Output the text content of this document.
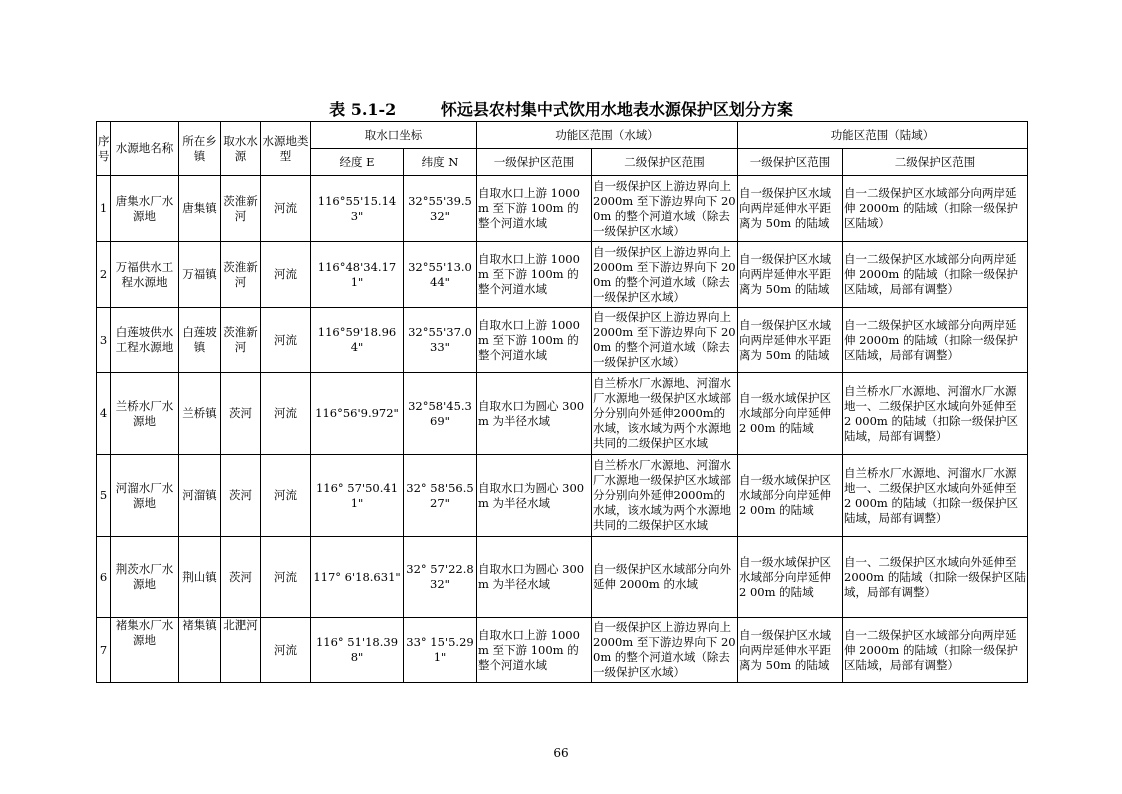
表 5.1-2        怀远县农村集中式饮用水地表水源保护区划分方案
序号	水源地名称	所在乡镇	取水水源	水源地类型	取水口坐标		功能区范围（水域）		功能区范围（陆域）	
					经度 E	纬度 N	一级保护区范围	二级保护区范围	一级保护区范围	二级保护区范围
1	唐集水厂水源地	唐集镇	茨淮新河	河流	116°55'15.143"	32°55'39.532"	自取水口上游 1000m 至下游 100m 的整个河道水域	自一级保护区上游边界向上 2000m 至下游边界向下 200m 的整个河道水域（除去一级保护区水域）	自一级保护区水域向两岸延伸水平距离为 50m 的陆域	自一二级保护区水域部分向两岸延伸 2000m 的陆域（扣除一级保护区陆域）
2	万福供水工程水源地	万福镇	茨淮新河	河流	116°48'34.171"	32°55'13.044"	自取水口上游 1000m 至下游 100m 的整个河道水域	自一级保护区上游边界向上 2000m 至下游边界向下 200m 的整个河道水域（除去一级保护区水域）	自一级保护区水域向两岸延伸水平距离为 50m 的陆域	自一二级保护区水域部分向两岸延伸 2000m 的陆域（扣除一级保护区陆域，局部有调整）
3	白莲坡供水工程水源地	白莲坡镇	茨淮新河	河流	116°59'18.964"	32°55'37.033"	自取水口上游 1000m 至下游 100m 的整个河道水域	自一级保护区上游边界向上 2000m 至下游边界向下 200m 的整个河道水域（除去一级保护区水域）	自一级保护区水域向两岸延伸水平距离为 50m 的陆域	自一二级保护区水域部分向两岸延伸 2000m 的陆域（扣除一级保护区陆域，局部有调整）
4	兰桥水厂水源地	兰桥镇	茨河	河流	116°56'9.972"	32°58'45.369"	自取水口为圆心 300m 为半径水域	自兰桥水厂水源地、河溜水厂水源地一级保护区水域部分分别向外延伸2000m的水域，该水域为两个水源地共同的二级保护区水域	自一级水域保护区水域部分向岸延伸 2 00m 的陆域	自兰桥水厂水源地、河溜水厂水源地一、二级保护区水域向外延伸至 2 000m 的陆域（扣除一级保护区陆域，局部有调整）
5	河溜水厂水源地	河溜镇	茨河	河流	116° 57'50.411"	32° 58'56.527"	自取水口为圆心 300m 为半径水域	自兰桥水厂水源地、河溜水厂水源地一级保护区水域部分分别向外延伸2000m的水域，该水域为两个水源地共同的二级保护区水域	自一级水域保护区水域部分向岸延伸 2 00m 的陆域	自兰桥水厂水源地、河溜水厂水源地一、二级保护区水域向外延伸至 2 000m 的陆域（扣除一级保护区陆域，局部有调整）
6	荆茨水厂水源地	荆山镇	茨河	河流	117° 6'18.631"	32° 57'22.832"	自取水口为圆心 300m 为半径水域	自一级保护区水域部分向外延伸 2000m 的水域	自一级水域保护区水域部分向岸延伸 2 00m 的陆域	自一、二级保护区水域向外延伸至 2000m 的陆域（扣除一级保护区陆域，局部有调整）
7	褚集水厂水源地	褚集镇	北淝河	河流	116° 51'18.398"	33° 15'5.291"	自取水口上游 1000m 至下游 100m 的整个河道水域	自一级保护区上游边界向上 2000m 至下游边界向下 200m 的整个河道水域（除去一级保护区水域）	自一级保护区水域向两岸延伸水平距离为 50m 的陆域	自一二级保护区水域部分向两岸延伸 2000m 的陆域（扣除一级保护区陆域，局部有调整）
66
